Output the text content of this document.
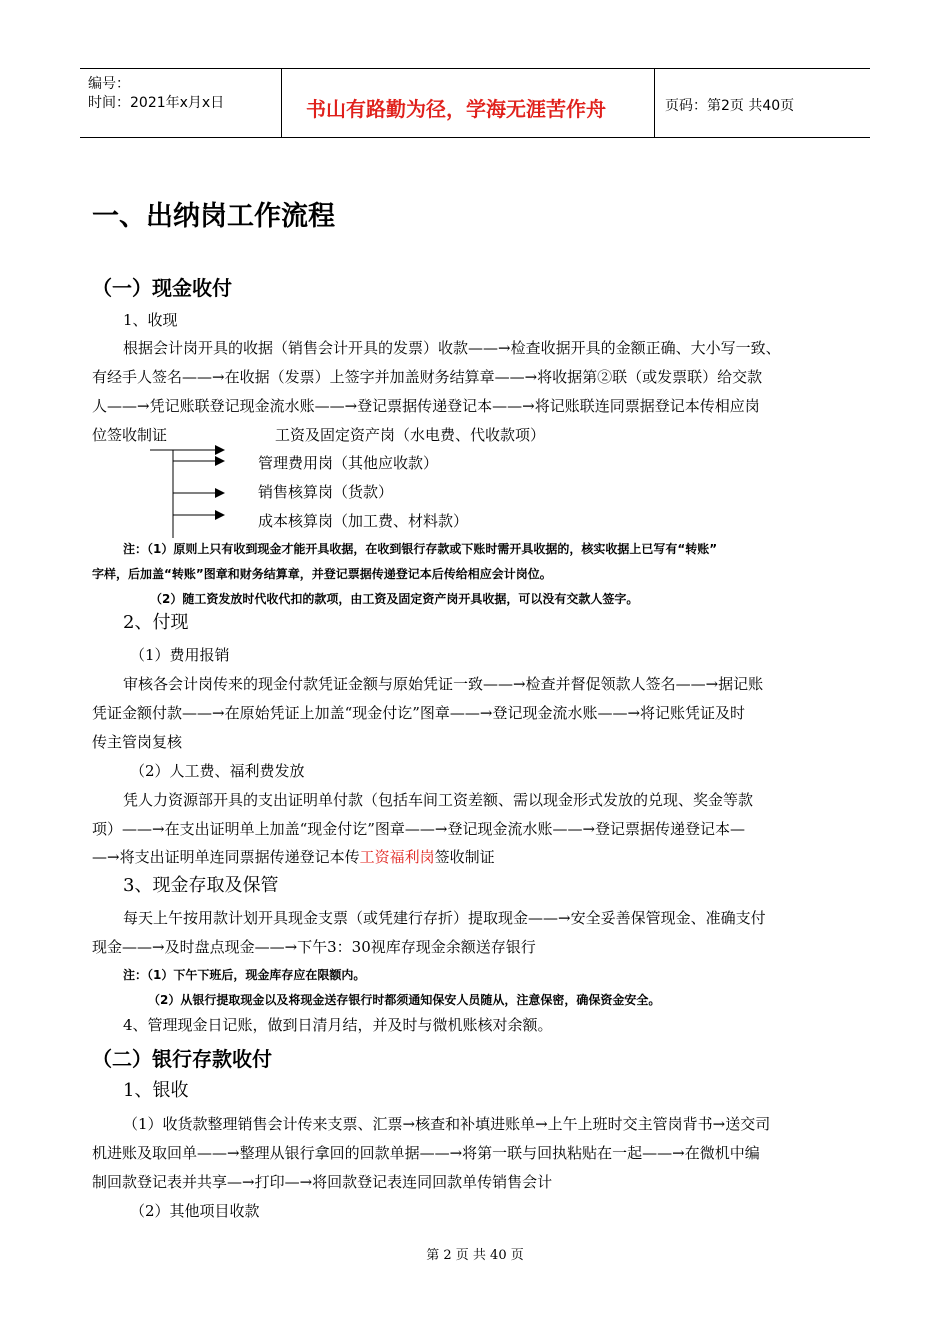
编号：
时间：2021年x月x日	书山有路勤为径，学海无涯苦作舟	页码：第2页 共40页
一、出纳岗工作流程
（一）现金收付
1、收现
根据会计岗开具的收据（销售会计开具的发票）收款——→检查收据开具的金额正确、大小写一致、
有经手人签名——→在收据（发票）上签字并加盖财务结算章——→将收据第②联（或发票联）给交款
人——→凭记账联登记现金流水账——→登记票据传递登记本——→将记账联连同票据登记本传相应岗
位签收制证	工资及固定资产岗（水电费、代收款项）
管理费用岗（其他应收款）
销售核算岗（货款）
成本核算岗（加工费、材料款）
注：（1）原则上只有收到现金才能开具收据，在收到银行存款或下账时需开具收据的，核实收据上已写有“转账”
字样，后加盖“转账”图章和财务结算章，并登记票据传递登记本后传给相应会计岗位。
（2）随工资发放时代收代扣的款项，由工资及固定资产岗开具收据，可以没有交款人签字。
2、付现
（1）费用报销
审核各会计岗传来的现金付款凭证金额与原始凭证一致——→检查并督促领款人签名——→据记账
凭证金额付款——→在原始凭证上加盖“现金付讫”图章——→登记现金流水账——→将记账凭证及时
传主管岗复核
（2）人工费、福利费发放
凭人力资源部开具的支出证明单付款（包括车间工资差额、需以现金形式发放的兑现、奖金等款
项）——→在支出证明单上加盖“现金付讫”图章——→登记现金流水账——→登记票据传递登记本—
—→将支出证明单连同票据传递登记本传工资福利岗签收制证
3、现金存取及保管
每天上午按用款计划开具现金支票（或凭建行存折）提取现金——→安全妥善保管现金、准确支付
现金——→及时盘点现金——→下午3：30视库存现金余额送存银行
注：（1）下午下班后，现金库存应在限额内。
（2）从银行提取现金以及将现金送存银行时都须通知保安人员随从，注意保密，确保资金安全。
4、管理现金日记账，做到日清月结，并及时与微机账核对余额。
（二）银行存款收付
1、银收
（1）收货款整理销售会计传来支票、汇票→核查和补填进账单→上午上班时交主管岗背书→送交司
机进账及取回单——→整理从银行拿回的回款单据——→将第一联与回执粘贴在一起——→在微机中编
制回款登记表并共享—→打印—→将回款登记表连同回款单传销售会计
（2）其他项目收款
第 2 页 共 40 页
